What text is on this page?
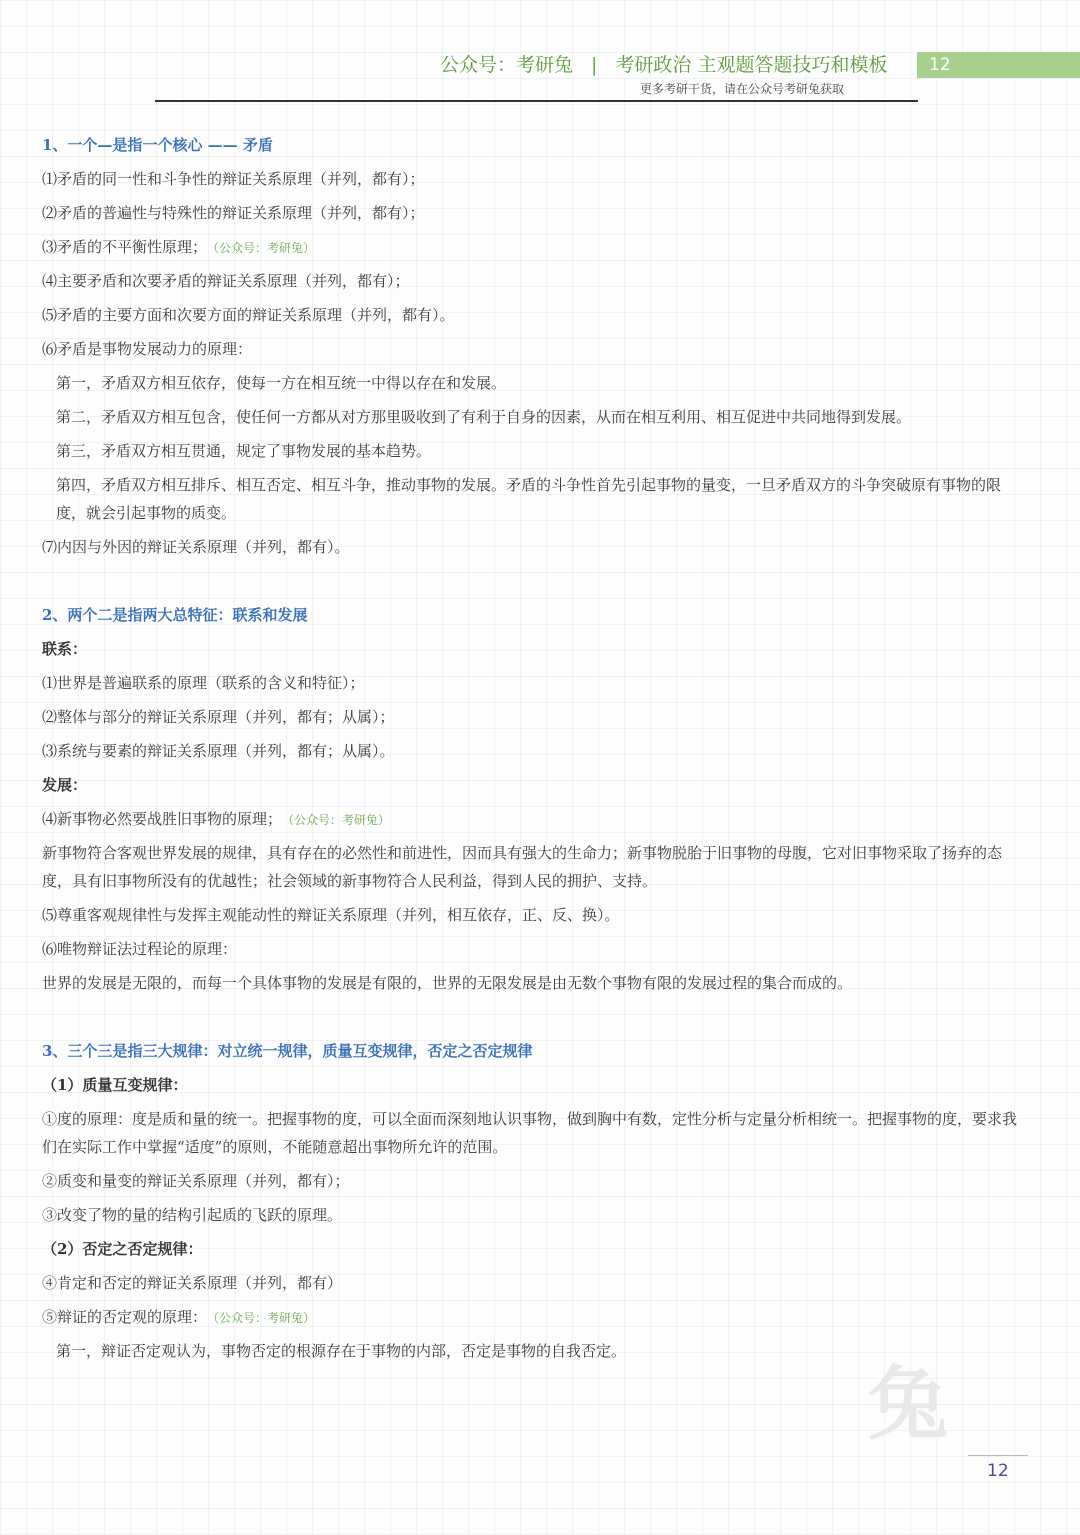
公众号：考研兔 | 考研政治 主观题答题技巧和模板	12
更多考研干货，请在公众号考研兔获取
1、一个—是指一个核心 —— 矛盾
⑴矛盾的同一性和斗争性的辩证关系原理（并列，都有）；
⑵矛盾的普遍性与特殊性的辩证关系原理（并列，都有）；
⑶矛盾的不平衡性原理； （公众号：考研兔）
⑷主要矛盾和次要矛盾的辩证关系原理（并列，都有）；
⑸矛盾的主要方面和次要方面的辩证关系原理（并列，都有）。
⑹矛盾是事物发展动力的原理：
第一，矛盾双方相互依存，使每一方在相互统一中得以存在和发展。
第二，矛盾双方相互包含，使任何一方都从对方那里吸收到了有利于自身的因素，从而在相互利用、相互促进中共同地得到发展。
第三，矛盾双方相互贯通，规定了事物发展的基本趋势。
第四，矛盾双方相互排斥、相互否定、相互斗争，推动事物的发展。矛盾的斗争性首先引起事物的量变，一旦矛盾双方的斗争突破原有事物的限度，就会引起事物的质变。
⑺内因与外因的辩证关系原理（并列，都有）。
2、两个二是指两大总特征：联系和发展
联系：
⑴世界是普遍联系的原理（联系的含义和特征）；
⑵整体与部分的辩证关系原理（并列，都有；从属）；
⑶系统与要素的辩证关系原理（并列，都有；从属）。
发展：
⑷新事物必然要战胜旧事物的原理； （公众号：考研兔）
新事物符合客观世界发展的规律，具有存在的必然性和前进性，因而具有强大的生命力；新事物脱胎于旧事物的母腹，它对旧事物采取了扬弃的态度，具有旧事物所没有的优越性；社会领域的新事物符合人民利益，得到人民的拥护、支持。
⑸尊重客观规律性与发挥主观能动性的辩证关系原理（并列，相互依存，正、反、换）。
⑹唯物辩证法过程论的原理：
世界的发展是无限的，而每一个具体事物的发展是有限的，世界的无限发展是由无数个事物有限的发展过程的集合而成的。
3、三个三是指三大规律：对立统一规律，质量互变规律，否定之否定规律
（1）质量互变规律：
①度的原理：度是质和量的统一。把握事物的度，可以全面而深刻地认识事物，做到胸中有数，定性分析与定量分析相统一。把握事物的度，要求我们在实际工作中掌握“适度”的原则，不能随意超出事物所允许的范围。
②质变和量变的辩证关系原理（并列，都有）；
③改变了物的量的结构引起质的飞跃的原理。
（2）否定之否定规律：
④肯定和否定的辩证关系原理（并列，都有）
⑤辩证的否定观的原理： （公众号：考研兔）
第一，辩证否定观认为，事物否定的根源存在于事物的内部，否定是事物的自我否定。
兔
12
